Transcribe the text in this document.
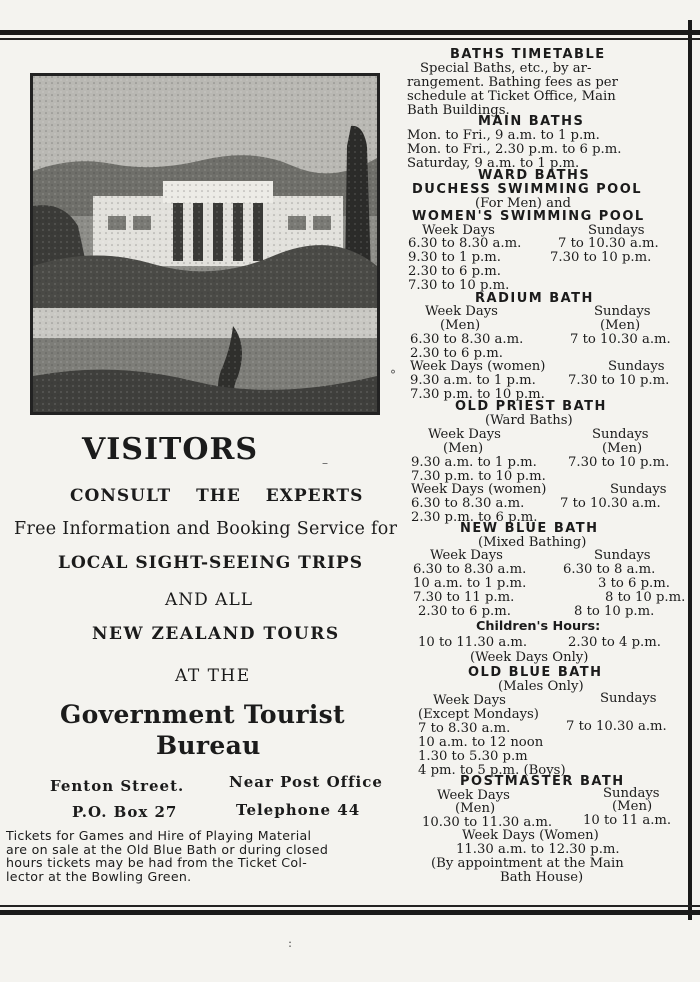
VISITORS
CONSULT THE EXPERTS
Free Information and Booking Service for
LOCAL SIGHT-SEEING TRIPS
AND ALL
NEW ZEALAND TOURS
AT THE
Government Tourist
Bureau
Fenton Street.	Near Post Office
P.O. Box 27	Telephone 44
Tickets for Games and Hire of Playing Material
are on sale at the Old Blue Bath or during closed
hours tickets may be had from the Ticket Col-
lector at the Bowling Green.
–
°
:
BATHS TIMETABLE
Special Baths, etc., by ar-
rangement. Bathing fees as per
schedule at Ticket Office, Main
Bath Buildings.
MAIN BATHS
Mon. to Fri., 9 a.m. to 1 p.m.
Mon. to Fri., 2.30 p.m. to 6 p.m.
Saturday, 9 a.m. to 1 p.m.
WARD BATHS
DUCHESS SWIMMING POOL
(For Men) and
WOMEN'S SWIMMING POOL
Week Days	Sundays
6.30 to 8.30 a.m.	7 to 10.30 a.m.
9.30 to 1 p.m.	7.30 to 10 p.m.
2.30 to 6 p.m.
7.30 to 10 p.m.
RADIUM BATH
Week Days	Sundays
(Men)	(Men)
6.30 to 8.30 a.m.	7 to 10.30 a.m.
2.30 to 6 p.m.
Week Days (women)	Sundays
9.30 a.m. to 1 p.m. 7.30 to 10 p.m.
7.30 p.m. to 10 p.m.
OLD PRIEST BATH
(Ward Baths)
Week Days	Sundays
(Men)	(Men)
9.30 a.m. to 1 p.m. 7.30 to 10 p.m.
7.30 p.m. to 10 p.m.
Week Days (women)	Sundays
6.30 to 8.30 a.m.	7 to 10.30 a.m.
2.30 p.m. to 6 p.m.
NEW BLUE BATH
(Mixed Bathing)
Week Days	Sundays
6.30 to 8.30 a.m.	6.30 to 8 a.m.
10 a.m. to 1 p.m.	3 to 6 p.m.
7.30 to 11 p.m.	8 to 10 p.m.
2.30 to 6 p.m.	8 to 10 p.m.
Children's Hours:
10 to 11.30 a.m.	2.30 to 4 p.m.
(Week Days Only)
OLD BLUE BATH
(Males Only)
Week Days	Sundays
(Except Mondays)
7 to 8.30 a.m.	7 to 10.30 a.m.
10 a.m. to 12 noon
1.30 to 5.30 p.m
4 pm. to 5 p.m. (Boys)
POSTMASTER BATH
Week Days	Sundays
(Men)	(Men)
10.30 to 11.30 a.m. 10 to 11 a.m.
Week Days (Women)
11.30 a.m. to 12.30 p.m.
(By appointment at the Main
Bath House)
